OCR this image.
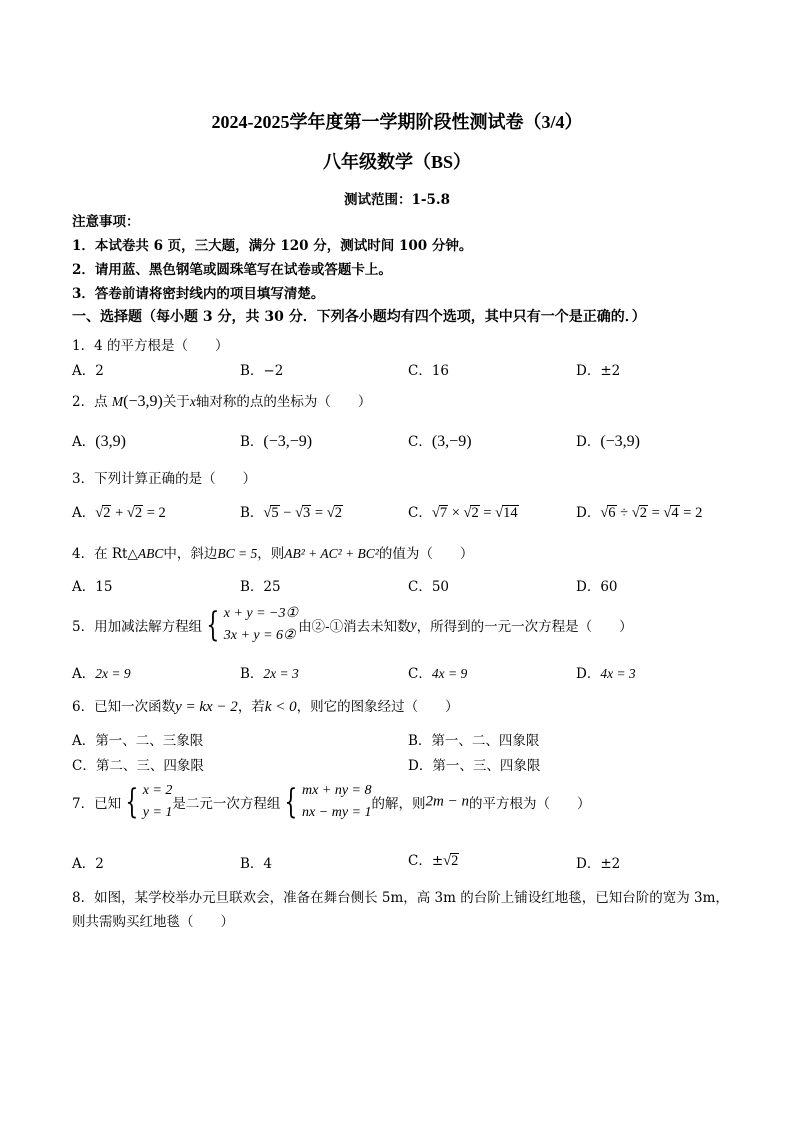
2024-2025学年度第一学期阶段性测试卷（3/4）
八年级数学（BS）
测试范围：1-5.8
注意事项：
1．本试卷共 6 页，三大题，满分 120 分，测试时间 100 分钟。
2．请用蓝、黑色钢笔或圆珠笔写在试卷或答题卡上。
3．答卷前请将密封线内的项目填写清楚。
一、选择题（每小题 3 分，共 30 分．下列各小题均有四个选项，其中只有一个是正确的．）
1．4 的平方根是（　　）
A．2	B．−2	C．16	D．±2
2．点 M(−3,9)关于x轴对称的点的坐标为（　　）
A．(3,9)	B．(−3,−9)	C．(3,−9)	D．(−3,9)
3．下列计算正确的是（　　）
A．√2 + √2 = 2	B．√5 − √3 = √2	C．√7 × √2 = √14	D．√6 ÷ √2 = √4 = 2
4．在 Rt△ABC中，斜边BC = 5，则AB² + AC² + BC²的值为（　　）
A．15	B．25	C．50	D．60
5．用加减法解方程组 { x + y = −3①
3x + y = 6②由②-①消去未知数y，所得到的一元一次方程是（　　）
A．2x = 9	B．2x = 3	C．4x = 9	D．4x = 3
6．已知一次函数y = kx − 2，若k < 0，则它的图象经过（　　）
A．第一、二、三象限	B．第一、二、四象限
C．第二、三、四象限	D．第一、三、四象限
7．已知 { x = 2
y = 1是二元一次方程组 { mx + ny = 8
nx − my = 1的解，则2m − n的平方根为（　　）
A．2	B．4	C．±√2	D．±2
8．如图，某学校举办元旦联欢会，准备在舞台侧长 5m，高 3m 的台阶上铺设红地毯，已知台阶的宽为 3m，
则共需购买红地毯（　　）
